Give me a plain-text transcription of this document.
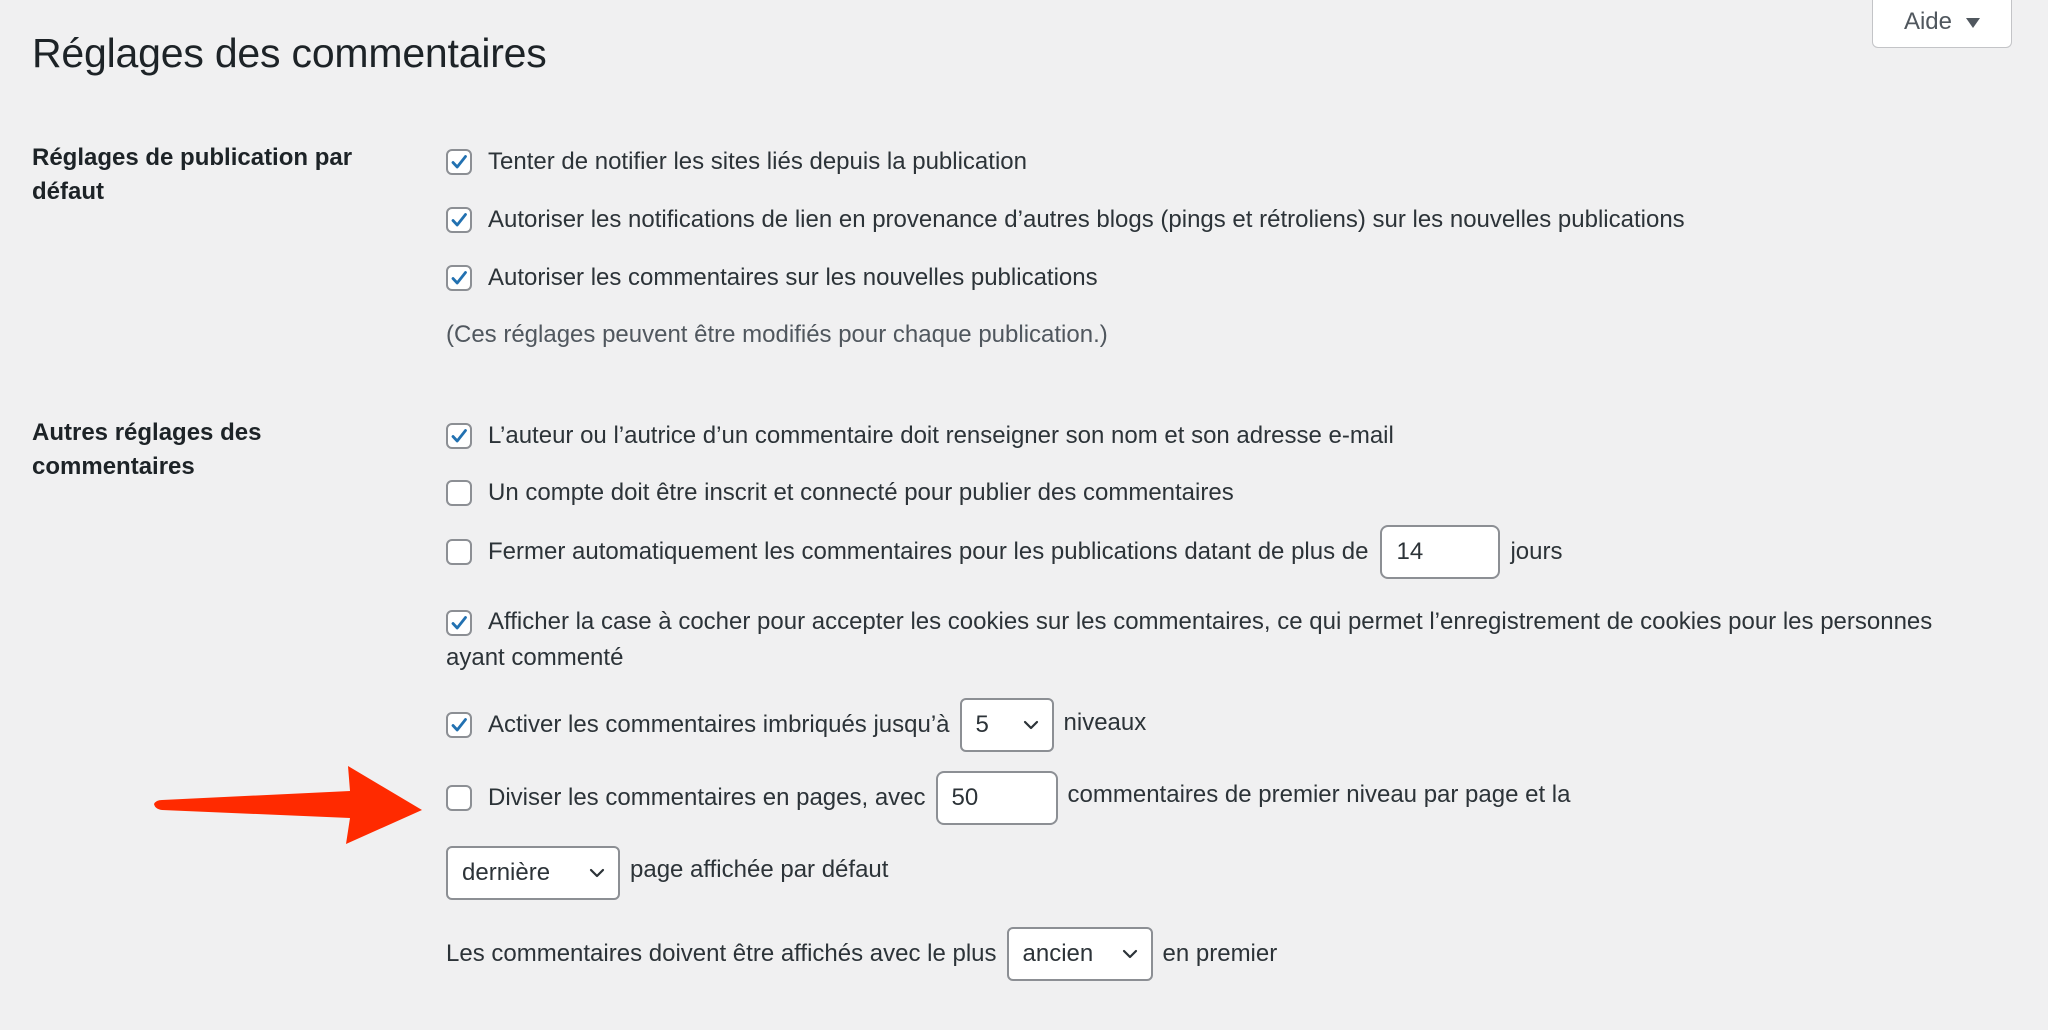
Aide
Réglages des commentaires
Réglages de publication par défaut
Tenter de notifier les sites liés depuis la publication
Autoriser les notifications de lien en provenance d’autres blogs (pings et rétroliens) sur les nouvelles publications
Autoriser les commentaires sur les nouvelles publications
(Ces réglages peuvent être modifiés pour chaque publication.)
Autres réglages des commentaires
L’auteur ou l’autrice d’un commentaire doit renseigner son nom et son adresse e-mail
Un compte doit être inscrit et connecté pour publier des commentaires
Fermer automatiquement les commentaires pour les publications datant de plus de	14	jours
Afficher la case à cocher pour accepter les cookies sur les commentaires, ce qui permet l’enregistrement de cookies pour les personnes ayant commenté
Activer les commentaires imbriqués jusqu’à 5	niveaux
Diviser les commentaires en pages, avec	50	commentaires de premier niveau par page et la
dernière	page affichée par défaut
Les commentaires doivent être affichés avec le plus ancien	en premier
